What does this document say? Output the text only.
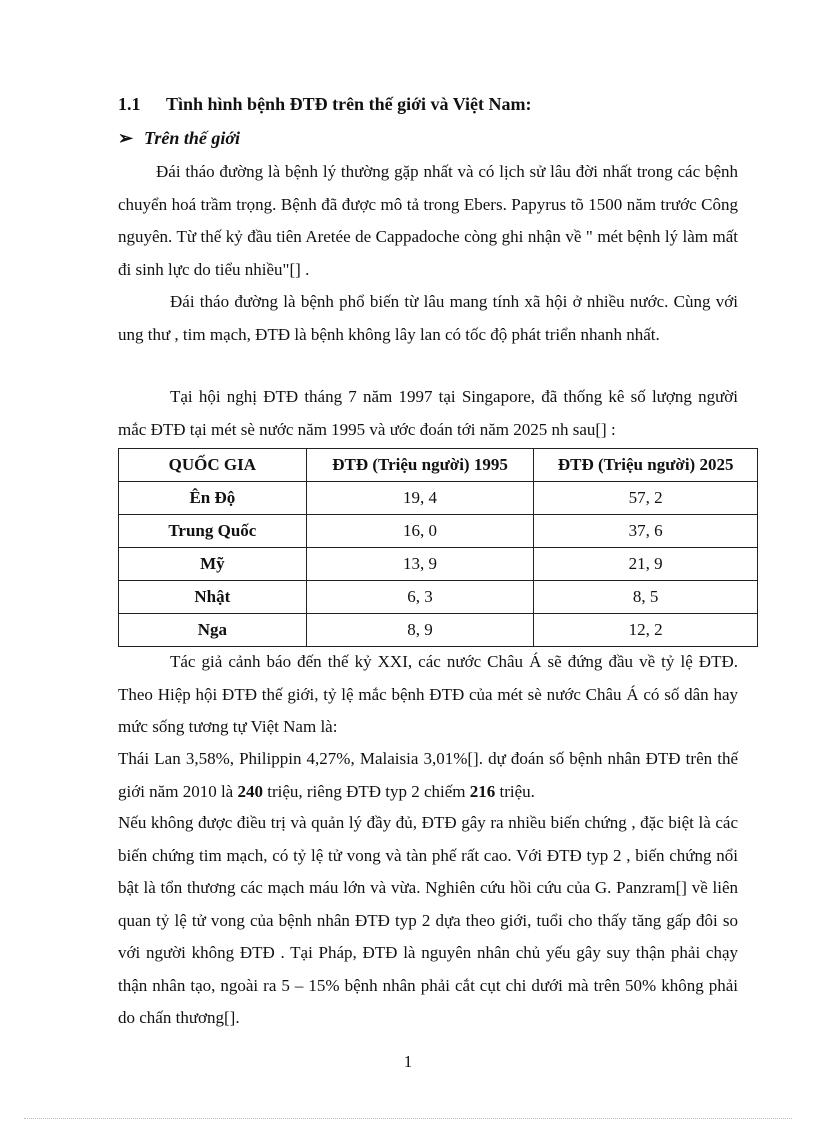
1.1 Tình hình bệnh ĐTĐ trên thế giới và Việt Nam:
➢ Trên thế giới
Đái tháo đường là bệnh lý thường gặp nhất và có lịch sử lâu đời nhất trong các bệnh chuyển hoá trầm trọng. Bệnh đã được mô tả trong Ebers. Papyrus tõ 1500 năm trước Công nguyên. Từ thế kỷ đầu tiên Aretée de Cappadoche còng ghi nhận về " mét bệnh lý làm mất đi sinh lực do tiểu nhiều"[] .
Đái tháo đường là bệnh phổ biến từ lâu mang tính xã hội ở nhiều nước. Cùng với ung thư , tim mạch, ĐTĐ là bệnh không lây lan có tốc độ phát triển nhanh nhất.
Tại hội nghị ĐTĐ tháng 7 năm 1997 tại Singapore, đã thống kê số lượng người mắc ĐTĐ tại mét sè nước năm 1995 và ước đoán tới năm 2025 nh sau[] :
QUỐC GIA	ĐTĐ (Triệu người) 1995	ĐTĐ (Triệu người) 2025
Ên Độ	19, 4	57, 2
Trung Quốc	16, 0	37, 6
Mỹ	13, 9	21, 9
Nhật	6, 3	8, 5
Nga	8, 9	12, 2
Tác giả cảnh báo đến thế kỷ XXI, các nước Châu Á sẽ đứng đầu về tỷ lệ ĐTĐ. Theo Hiệp hội ĐTĐ thế giới, tỷ lệ mắc bệnh ĐTĐ của mét sè nước Châu Á có số dân hay mức sống tương tự Việt Nam là:
Thái Lan 3,58%, Philippin 4,27%, Malaisia 3,01%[]. dự đoán số bệnh nhân ĐTĐ trên thế giới năm 2010 là 240 triệu, riêng ĐTĐ typ 2 chiếm 216 triệu.
Nếu không được điều trị và quản lý đầy đủ, ĐTĐ gây ra nhiều biến chứng , đặc biệt là các biến chứng tim mạch, có tỷ lệ tử vong và tàn phế rất cao. Với ĐTĐ typ 2 , biến chứng nổi bật là tổn thương các mạch máu lớn và vừa. Nghiên cứu hồi cứu của G. Panzram[] về liên quan tỷ lệ tử vong của bệnh nhân ĐTĐ typ 2 dựa theo giới, tuổi cho thấy tăng gấp đôi so với người không ĐTĐ . Tại Pháp, ĐTĐ là nguyên nhân chủ yếu gây suy thận phải chạy thận nhân tạo, ngoài ra 5 – 15% bệnh nhân phải cắt cụt chi dưới mà trên 50% không phải do chấn thương[].
1
